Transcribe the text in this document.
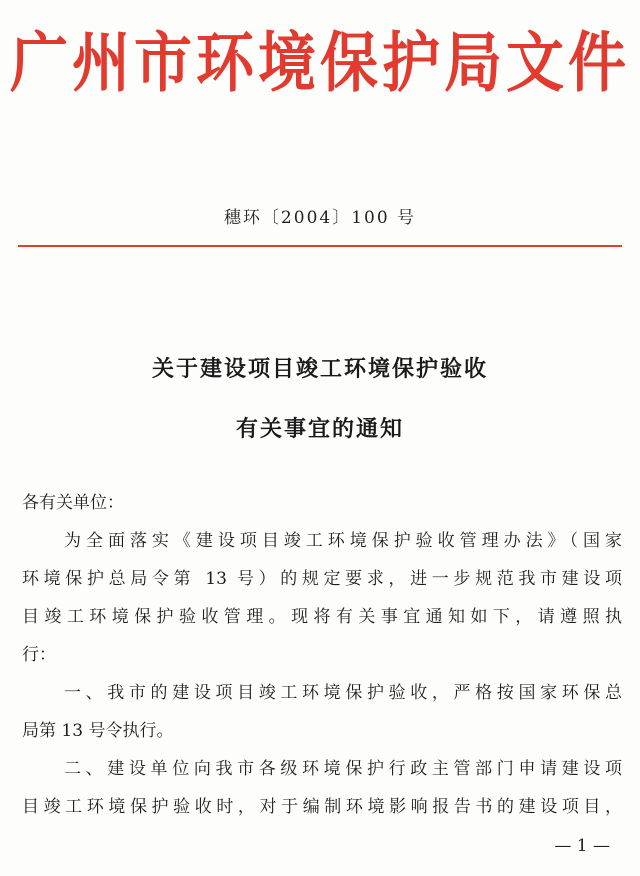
广州市环境保护局文件
穗环〔2004〕100 号
关于建设项目竣工环境保护验收
有关事宜的通知
各有关单位：
为全面落实《建设项目竣工环境保护验收管理办法》（国家
环境保护总局令第 13 号）的规定要求，进一步规范我市建设项
目竣工环境保护验收管理。现将有关事宜通知如下，请遵照执
行：
一、我市的建设项目竣工环境保护验收，严格按国家环保总
局第 13 号令执行。
二、建设单位向我市各级环境保护行政主管部门申请建设项
目竣工环境保护验收时，对于编制环境影响报告书的建设项目，
— 1 —
